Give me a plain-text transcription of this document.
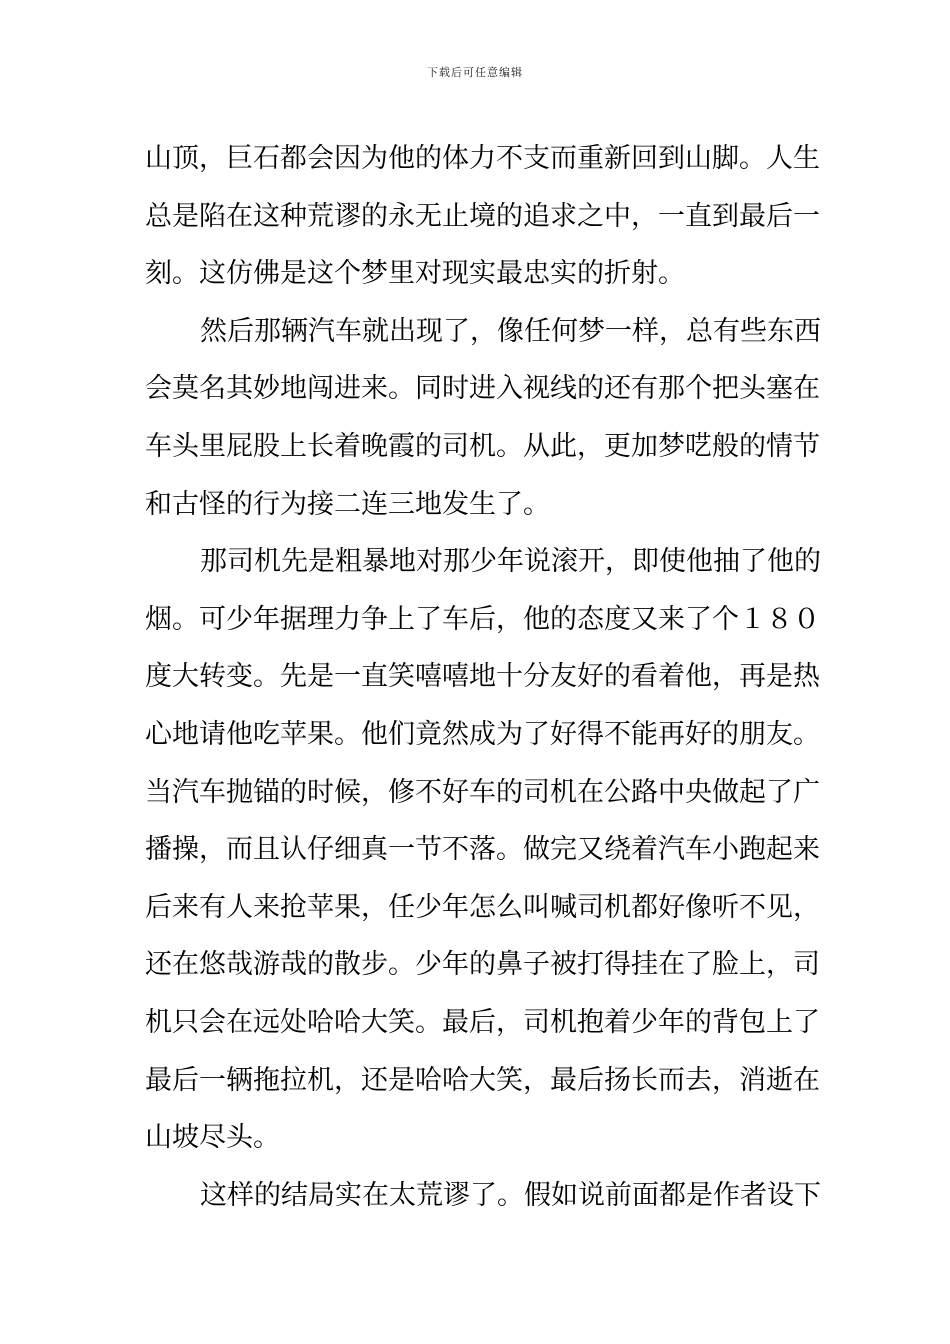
下载后可任意编辑
山顶，巨石都会因为他的体力不支而重新回到山脚。人生
总是陷在这种荒谬的永无止境的追求之中，一直到最后一
刻。这仿佛是这个梦里对现实最忠实的折射。
然后那辆汽车就出现了，像任何梦一样，总有些东西
会莫名其妙地闯进来。同时进入视线的还有那个把头塞在
车头里屁股上长着晚霞的司机。从此，更加梦呓般的情节
和古怪的行为接二连三地发生了。
那司机先是粗暴地对那少年说滚开，即使他抽了他的
烟。可少年据理力争上了车后，他的态度又来了个１８０
度大转变。先是一直笑嘻嘻地十分友好的看着他，再是热
心地请他吃苹果。他们竟然成为了好得不能再好的朋友。
当汽车抛锚的时候，修不好车的司机在公路中央做起了广
播操，而且认仔细真一节不落。做完又绕着汽车小跑起来
后来有人来抢苹果，任少年怎么叫喊司机都好像听不见，
还在悠哉游哉的散步。少年的鼻子被打得挂在了脸上，司
机只会在远处哈哈大笑。最后，司机抱着少年的背包上了
最后一辆拖拉机，还是哈哈大笑，最后扬长而去，消逝在
山坡尽头。
这样的结局实在太荒谬了。假如说前面都是作者设下
